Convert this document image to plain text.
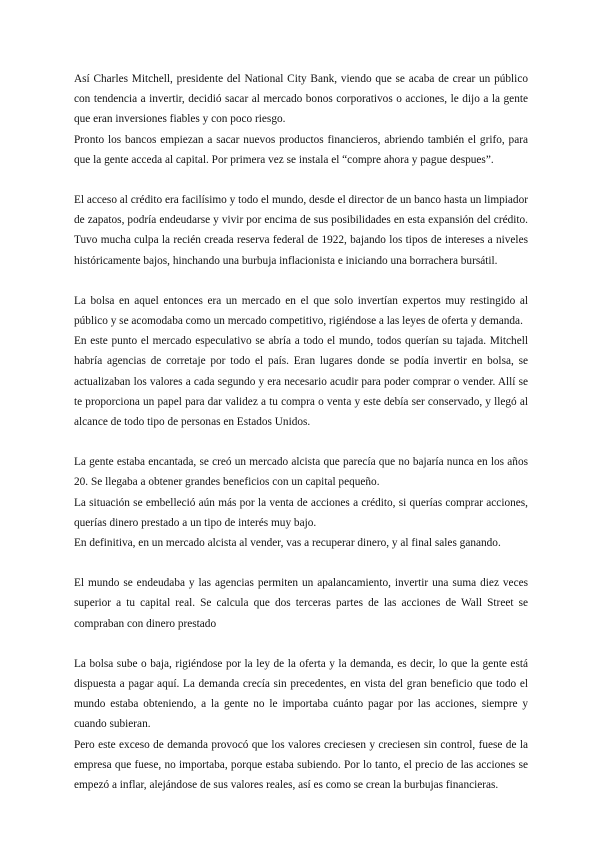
Así Charles Mitchell, presidente del National City Bank, viendo que se acaba de crear un público con tendencia a invertir, decidió sacar al mercado bonos corporativos o acciones, le dijo a la gente que eran inversiones fiables y con poco riesgo.

Pronto los bancos empiezan a sacar nuevos productos financieros, abriendo también el grifo, para que la gente acceda al capital. Por primera vez se instala el “compre ahora y pague despues”.

El acceso al crédito era facilísimo y todo el mundo, desde el director de un banco hasta un limpiador de zapatos, podría endeudarse y vivir por encima de sus posibilidades en esta expansión del crédito. Tuvo mucha culpa la recién creada reserva federal de 1922, bajando los tipos de intereses a niveles históricamente bajos, hinchando una burbuja inflacionista e iniciando una borrachera bursátil.

La bolsa en aquel entonces era un mercado en el que solo invertían expertos muy restingido al público y se acomodaba como un mercado competitivo, rigiéndose a las leyes de oferta y demanda.

En este punto el mercado especulativo se abría a todo el mundo, todos querían su tajada. Mitchell habría agencias de corretaje por todo el país. Eran lugares donde se podía invertir en bolsa, se actualizaban los valores a cada segundo y era necesario acudir para poder comprar o vender. Allí se te proporciona un papel para dar validez a tu compra o venta y este debía ser conservado, y llegó al alcance de todo tipo de personas en Estados Unidos.

La gente estaba encantada, se creó un mercado alcista que parecía que no bajaría nunca en los años 20. Se llegaba a obtener grandes beneficios con un capital pequeño.

La situación se embelleció aún más por la venta de acciones a crédito, si querías comprar acciones, querías dinero prestado a un tipo de interés muy bajo.

En definitiva, en un mercado alcista al vender, vas a recuperar dinero, y al final sales ganando.

El mundo se endeudaba y las agencias permiten un apalancamiento, invertir una suma diez veces superior a tu capital real. Se calcula que dos terceras partes de las acciones de Wall Street se compraban con dinero prestado

La bolsa sube o baja, rigiéndose por la ley de la oferta y la demanda, es decir, lo que la gente está dispuesta a pagar aquí. La demanda crecía sin precedentes, en vista del gran beneficio que todo el mundo estaba obteniendo, a la gente no le importaba cuánto pagar por las acciones, siempre y cuando subieran.

Pero este exceso de demanda provocó que los valores creciesen y creciesen sin control, fuese de la empresa que fuese, no importaba, porque estaba subiendo. Por lo tanto, el precio de las acciones se empezó a inflar, alejándose de sus valores reales, así es como se crean la burbujas financieras.
